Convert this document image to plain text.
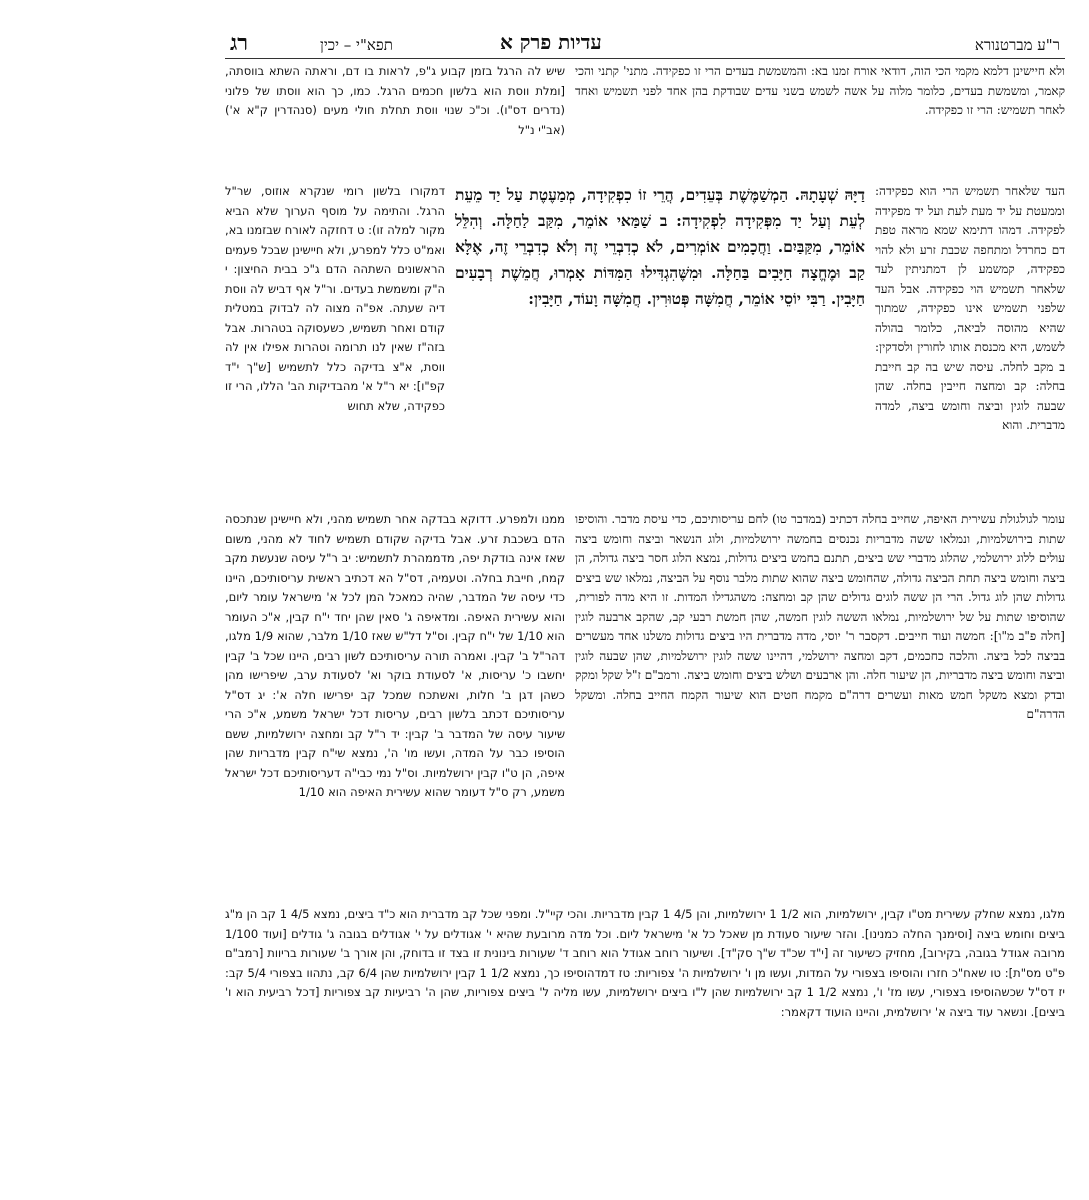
רג	תפא"י – יכין	עדיות פרק א	ר"ע מברטנורא

ולא חיישינן דלמא מקמי הכי הוה, דודאי אורח זמנו בא: והמשמשת בעדים הרי זו כפקידה. מתני' קתני והכי קאמר, ומשמשת בעדים, כלומר מלוה על אשה לשמש בשני עדים שבודקת בהן אחד לפני תשמיש ואחד לאחר תשמיש: הרי זו כפקידה.

העד שלאחר תשמיש הרי הוא כפקידה: וממעטת על יד מעת לעת ועל יד מפקידה לפקידה. דמהו דתימא שמא מראה טפת דם כחרדל ומתחפה שכבת זרע ולא להוי כפקידה, קמשמע לן דמתניתין לעד שלאחר תשמיש הוי כפקידה. אבל העד שלפני תשמיש אינו כפקידה, שמתוך שהיא מהוסה לביאה, כלומר בהולה לשמש, היא מכנסת אותו לחורין ולסדקין: ב מקב לחלה. עיסה שיש בה קב חייבת בחלה: קב ומחצה חייבין בחלה. שהן שבעה לוגין וביצה וחומש ביצה, למדה מדברית. והוא

דַיָּהּ שְׁעָתָהּ. הַמְשַׁמֶּשֶׁת בְּעֵדִים, הֲרֵי זוֹ כִפְקִידָה, מְמַעֶטֶת עַל יַד מֵעֵת לְעֵת וְעַל יַד מִפְּקִידָה לִפְקִידָה: ב שַׁמַּאי אוֹמֵר, מִקַּב לַחַלָּה. וְהִלֵּל אוֹמֵר, מִקַּבַּיִם. וַחֲכָמִים אוֹמְרִים, לֹא כְדִבְרֵי זֶה וְלֹא כְדִבְרֵי זֶה, אֶלָּא קַב וּמֶחֱצָה חַיָּבִים בַּחַלָּה. וּמִשֶּׁהִגְדִּילוּ הַמִּדּוֹת אָמְרוּ, חֲמֵשֶׁת רְבָעִים חַיָּבִין. רַבִּי יוֹסֵי אוֹמֵר, חֲמִשָּׁה פְּטוּרִין. חֲמִשָּׁה וָעוֹד, חַיָּבִין:

עומר לגולגולת עשירית האיפה, שחייב בחלה דכתיב (במדבר טו) לחם עריסותיכם, כדי עיסת מדבר. והוסיפו שתות בירושלמיות, ונמלאו ששה מדבריות נכנסים בחמשה ירושלמיות, ולוג הנשאר וביצה וחומש ביצה עולים ללוג ירושלמי, שהלוג מדברי שש ביצים, תתנם בחמש ביצים גדולות, נמצא הלוג חסר ביצה גדולה, הן ביצה וחומש ביצה תחת הביצה גדולה, שהחומש ביצה שהוא שתות מלבר נוסף על הביצה, נמלאו שש ביצים גדולות שהן לוג גדול. הרי הן ששה לוגים גדולים שהן קב ומחצה: משהגדילו המדות. זו היא מדה לפורית, שהוסיפו שתות על של ירושלמיות, נמלאו הששה לוגין חמשה, שהן חמשת רבעי קב, שהקב ארבעה לוגין [חלה פ"ב מ"ו]: חמשה ועוד חייבים. דקסבר ר' יוסי, מדה מדברית היו ביצים גדולות משלנו אחד מעשרים בביצה לכל ביצה. והלכה כחכמים, דקב ומחצה ירושלמי, דהיינו ששה לוגין ירושלמיות, שהן שבעה לוגין וביצה וחומש ביצה מדבריות, הן שיעור חלה. והן ארבעים ושלש ביצים וחומש ביצה. ורמב"ם ז"ל שקל ומקק ובדק ומצא משקל חמש מאות ועשרים דרה"ם מקמח חטים הוא שיעור הקמח החייב בחלה. ומשקל הדרה"ם

שיש לה הרגל בזמן קבוע ג"פ, לראות בו דם, וראתה השתא בווסתה, [ומלת ווסת הוא בלשון חכמים הרגל. כמו, כך הוא ווסתו של פלוני (נדרים דס"ו). וכ"כ שנוי ווסת תחלת חולי מעים (סנהדרין ק"א א') (אב"י נ"ל

דמקורו בלשון רומי שנקרא אוזוס, שר"ל הרגל. והתימה על מוסף הערוך שלא הביא מקור למלה זו): ט דחזקה לאורח שבזמנו בא, ואמ"ט כלל למפרע, ולא חיישינן שבכל פעמים הראשונים השתהה הדם ג"כ בבית החיצון: י ה"ק ומשמשת בעדים. ור"ל אף דביש לה ווסת דיה שעתה. אפ"ה מצוה לה לבדוק במטלית קודם ואחר תשמיש, כשעסוקה בטהרות. אבל בזה"ז שאין לנו תרומה וטהרות אפילו אין לה ווסת, א"צ בדיקה כלל לתשמיש [ש"ך י"ד קפ"ו]: יא ר"ל א' מהבדיקות הב' הללו, הרי זו כפקידה, שלא תחוש

ממנו ולמפרע. דדוקא בבדקה אחר תשמיש מהני, ולא חיישינן שנתכסה הדם בשכבת זרע. אבל בדיקה שקודם תשמיש לחוד לא מהני, משום שאז אינה בודקת יפה, מדממהרת לתשמיש: יב ר"ל עיסה שנעשת מקב קמח, חייבת בחלה. וטעמיה, דס"ל הא דכתיב ראשית עריסותיכם, היינו כדי עיסה של המדבר, שהיה כמאכל המן לכל א' מישראל עומר ליום, והוא עשירית האיפה. ומדאיפה ג' סאין שהן יחד י"ח קבין, א"כ העומר הוא 1/10 של י"ח קבין. וס"ל דל"ש שאז 1/10 מלבר, שהוא 1/9 מלגו, דהר"ל ב' קבין. ואמרה תורה עריסותיכם לשון רבים, היינו שכל ב' קבין יחשבו כ' עריסות, א' לסעודת בוקר וא' לסעודת ערב, שיפרישו מהן כשהן דגן ב' חלות, ואשתכח שמכל קב יפרישו חלה א': יג דס"ל עריסותיכם דכתב בלשון רבים, עריסות דכל ישראל משמע, א"כ הרי שיעור עיסה של המדבר ב' קבין: יד ר"ל קב ומחצה ירושלמיות, ששם הוסיפו כבר על המדה, ועשו מו' ה', נמצא שי"ח קבין מדבריות שהן איפה, הן ט"ו קבין ירושלמיות. וס"ל נמי כבי"ה דעריסותיכם דכל ישראל משמע, רק ס"ל דעומר שהוא עשירית האיפה הוא 1/10

מלגו, נמצא שחלק עשירית מט"ו קבין, ירושלמיות, הוא 1/2 1 ירושלמיות, והן 4/5 1 קבין מדבריות. והכי קיי"ל. ומפני שכל קב מדברית הוא כ"ד ביצים, נמצא 4/5 1 קב הן מ"ג ביצים וחומש ביצה [וסימנך החלה כמנינו]. והזר שיעור סעודת מן שאכל כל א' מישראל ליום. וכל מדה מרובעת שהיא י' אגודלים על י' אגודלים בגובה ג' גודלים [ועוד 1/100 מרובה אגודל בגובה, בקירוב], מחזיק כשיעור זה [י"ד שכ"ד ש"ך סק"ד]. ושיעור רוחב אגודל הוא רוחב ד' שעורות בינונית זו בצד זו בדוחק, והן אורך ב' שעורות בריוות [רמב"ם פ"ט מס"ת]: טו שאח"כ חזרו והוסיפו בצפורי על המדות, ועשו מן ו' ירושלמיות ה' צפוריות: טז דמדהוסיפו כך, נמצא 1/2 1 קבין ירושלמיות שהן 6/4 קב, נתהוו בצפורי 5/4 קב: יז דס"ל שכשהוסיפו בצפורי, עשו מז' ו', נמצא 1/2 1 קב ירושלמיות שהן ל"ו ביצים ירושלמיות, עשו מליה ל' ביצים צפוריות, שהן ה' רביעיות קב צפוריות [דכל רביעית הוא ו' ביצים]. ונשאר עוד ביצה א' ירושלמית, והיינו הועוד דקאמר:
